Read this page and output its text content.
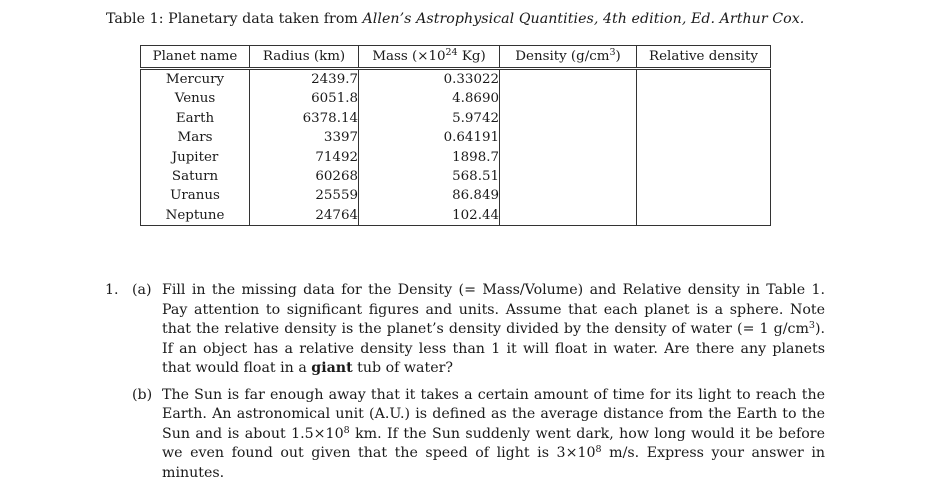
Table 1: Planetary data taken from Allen’s Astrophysical Quantities, 4th edition, Ed. Arthur Cox.
Planet name	Radius (km)	Mass ($\times 10^{24}$ Kg)	Density $(g/cm^3)$	Relative density
Mercury	2439.7	0.33022		
Venus	6051.8	4.8690		
Earth	6378.14	5.9742		
Mars	3397	0.64191		
Jupiter	71492	1898.7		
Saturn	60268	568.51		
Uranus	25559	86.849		
Neptune	24764	102.44		
1. (a) Fill in the missing data for the Density (= Mass/Volume) and Relative density in Table 1. Pay attention to significant figures and units. Assume that each planet is a sphere. Note that the relative density is the planet’s density divided by the density of water (= 1 $g/cm^3$). If an object has a relative density less than 1 it will float in water. Are there any planets that would float in a giant tub of water?
(b) The Sun is far enough away that it takes a certain amount of time for its light to reach the Earth. An astronomical unit (A.U.) is defined as the average distance from the Earth to the Sun and is about $1.5\times 10^8$ km. If the Sun suddenly went dark, how long would it be before we even found out given that the speed of light is $3\times 10^8$ m/s. Express your answer in minutes.
